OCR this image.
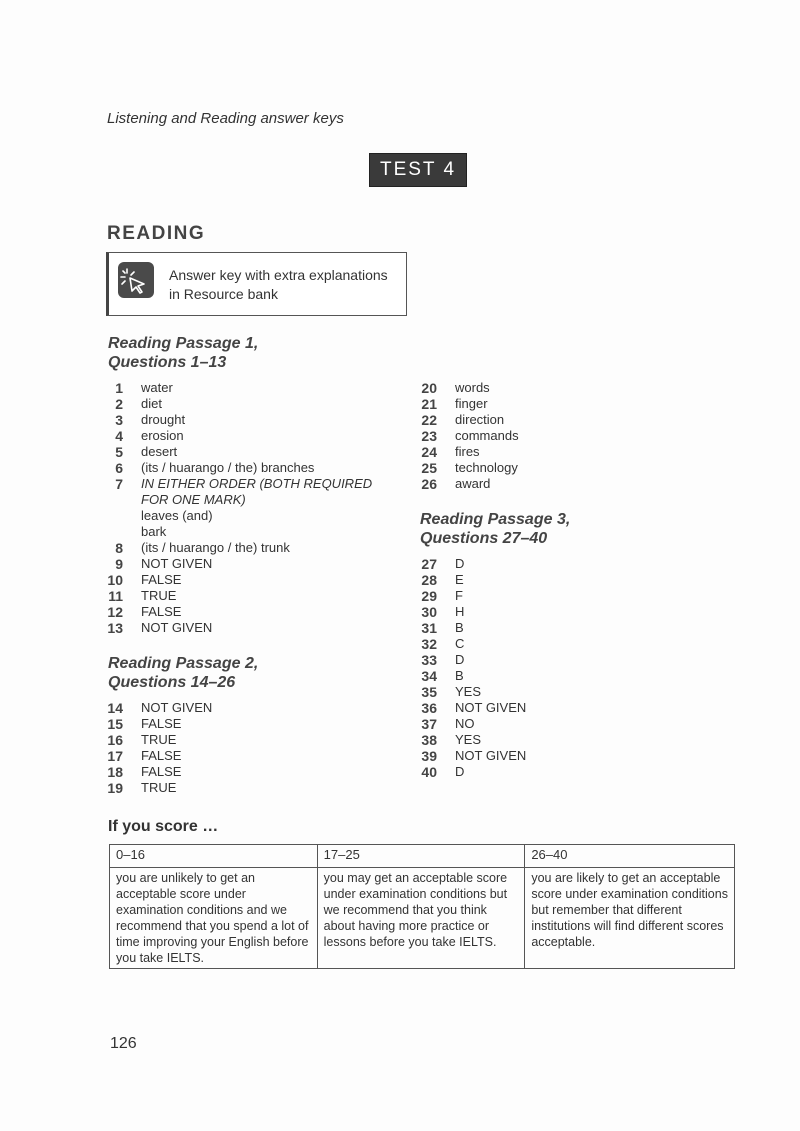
Listening and Reading answer keys
TEST 4
READING
Answer key with extra explanations
in Resource bank
Reading Passage 1,
Questions 1–13
1 water
2 diet
3 drought
4 erosion
5 desert
6 (its / huarango / the) branches
7 IN EITHER ORDER (BOTH REQUIRED FOR ONE MARK)
leaves (and)
bark
8 (its / huarango / the) trunk
9 NOT GIVEN
10 FALSE
11 TRUE
12 FALSE
13 NOT GIVEN
Reading Passage 2,
Questions 14–26
14 NOT GIVEN
15 FALSE
16 TRUE
17 FALSE
18 FALSE
19 TRUE
20 words
21 finger
22 direction
23 commands
24 fires
25 technology
26 award
Reading Passage 3,
Questions 27–40
27 D
28 E
29 F
30 H
31 B
32 C
33 D
34 B
35 YES
36 NOT GIVEN
37 NO
38 YES
39 NOT GIVEN
40 D
If you score …
0–16	17–25	26–40
you are unlikely to get an acceptable score under examination conditions and we recommend that you spend a lot of time improving your English before you take IELTS.	you may get an acceptable score under examination conditions but we recommend that you think about having more practice or lessons before you take IELTS.	you are likely to get an acceptable score under examination conditions but remember that different institutions will find different scores acceptable.
126
